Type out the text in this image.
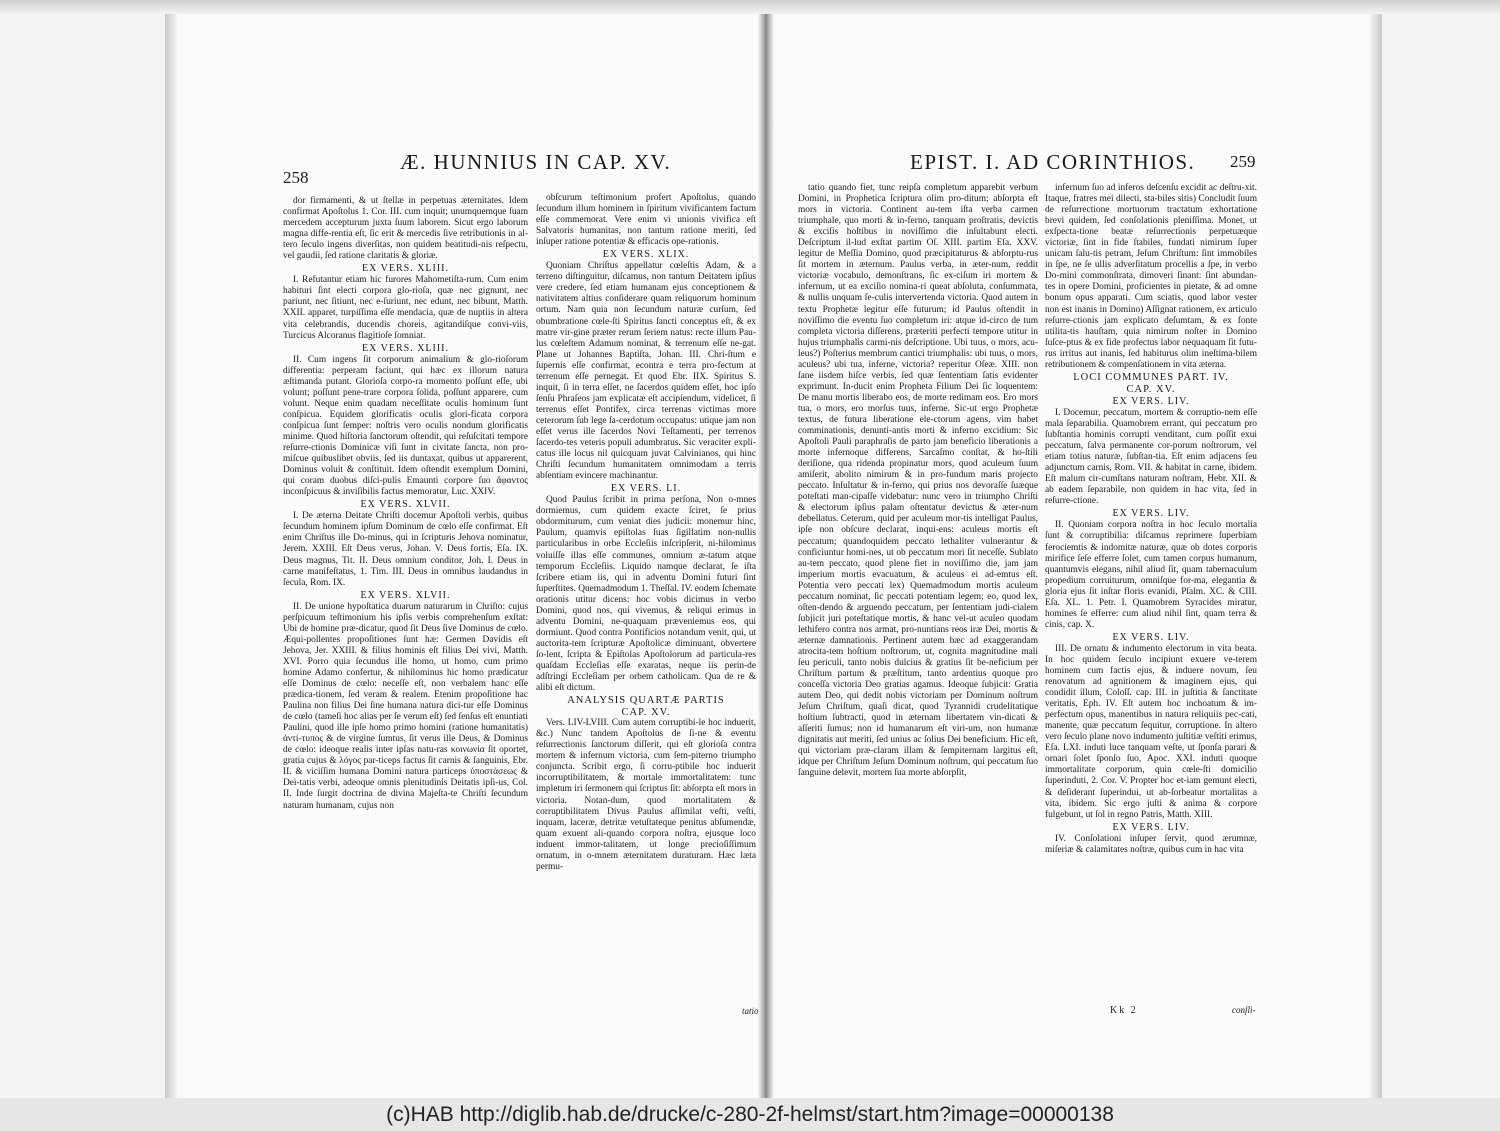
258
Æ. HUNNIUS IN CAP. XV.	EPIST. I. AD CORINTHIOS. 259

dor firmamenti, & ut ſtellæ in perpetuas æternitates. Idem confirmat Apoſtolus 1. Cor. III. cum inquit; unumquemque ſuam mercedem accepturum juxta ſuum laborem. Sicut ergo laborum magna diffe-rentia eſt, ſic erit & mercedis ſive retributionis in al-tero ſeculo ingens diverſitas, non quidem beatitudi-nis reſpectu, vel gaudii, ſed ratione claritatis & gloriæ.

EX VERS. XLIII.

I. Refutantur etiam hic furores Mahometiſta-rum. Cum enim habituri ſint electi corpora glo-rioſa, quæ nec gignunt, nec pariunt, nec ſitiunt, nec e-ſuriunt, nec edunt, nec bibunt, Matth. XXII. apparet, turpiſſima eſſe mendacia, quæ de nuptiis in altera vita celebrandis, ducendis choreis, agitandiſque convi-viis, Turcicus Alcoranus flagitioſe ſomniat.

EX VERS. XLIII.

II. Cum ingens ſit corporum animalium & glo-rioſorum differentia: perperam faciunt, qui hæc ex illorum natura æſtimanda putant. Glorioſa corpo-ra momento poſſunt eſſe, ubi volunt; poſſunt pene-trare corpora ſolida, poſſunt apparere, cum volunt. Neque enim quadam neceſſitate oculis hominum ſunt conſpicua. Equidem glorificatis oculis glori-ficata corpora conſpicua ſunt ſemper: noſtris vero oculis nondum glorificatis minime. Quod hiſtoria ſanctorum oſtendit, qui reſuſcitati tempore reſurre-ctionis Dominicæ viſi ſunt in civitate ſancta, non pro-miſcue quibuslibet obviis, ſed iis duntaxat, quibus ut apparerent, Dominus voluit & conſtituit. Idem oſtendit exemplum Domini, qui coram duobus diſci-pulis Emaunti corpore ſuo ἄφαντος inconſpicuus & inviſibilis factus memoratur, Luc. XXIV.

EX VERS. XLVII.

I. De æterna Deitate Chriſti docemur Apoſtoli verbis, quibus ſecundum hominem ipſum Dominum de cœlo eſſe confirmat. Eſt enim Chriſtus ille Do-minus, qui in ſcripturis Jehova nominatur, Jerem. XXIII. Eſt Deus verus, Johan. V. Deus fortis, Eſa. IX. Deus magnus, Tit. II. Deus omnium conditor, Joh. I. Deus in carne manifeſtatus, 1. Tim. III. Deus in omnibus laudandus in ſecula, Rom. IX.

EX VERS. XLVII.

II. De unione hypoſtatica duarum naturarum in Chriſto: cujus perſpicuum teſtimonium his ipſis verbis comprehenſum exſtat: Ubi de homine præ-dicatur, quod ſit Deus ſive Dominus de cœlo. Æqui-pollentes propoſitiones ſunt hæ: Germen Davidis eſt Jehova, Jer. XXIII. & filius hominis eſt filius Dei vivi, Matth. XVI. Porro quia ſecundus ille homo, ut homo, cum primo homine Adamo confertur, & nihilominus hic homo prædicatur eſſe Dominus de cœlo: neceſſe eſt, non verbalem hanc eſſe prædica-tionem, ſed veram & realem. Etenim propoſitione hac Paulina non filius Dei ſine humana natura dici-tur eſſe Dominus de cœlo (tameſi hoc alias per ſe verum eſt) ſed ſenſus eſt enuntiati Paulini, quod ille ipſe homo primo homini (ratione humanitatis) ἀντί-τυπος & de virgine ſumtus, ſit verus ille Deus, & Dominus de cœlo: ideoque realis inter ipſas natu-ras κοινωνία ſit oportet, gratia cujus & λόγος par-ticeps factus ſit carnis & ſanguinis, Ebr. II. & viciſſim humana Domini natura particeps ὑποστάσεως & Dei-tatis verbi, adeoque omnis plenitudinis Deitatis ipſi-us, Col. II. Inde ſurgit doctrina de divina Majeſta-te Chriſti ſecundum naturam humanam, cujus non

obſcurum teſtimonium profert Apoſtolus, quando ſecundum illum hominem in ſpiritum vivificantem factum eſſe commemorat. Vere enim vi unionis vivifica eſt Salvatoris humanitas, non tantum ratione meriti, ſed inſuper ratione potentiæ & efficacis ope-rationis.

EX VERS. XLIX.

Quoniam Chriſtus appellatur cœleſtis Adam, & a terreno diſtinguitur, diſcamus, non tantum Deitatem ipſius vere credere, ſed etiam humanam ejus conceptionem & nativitatem altius conſiderare quam reliquorum hominum ortum. Nam quia non ſecundum naturæ curſum, ſed obumbratione cœle-ſti Spiritus ſancti conceptus eſt, & ex matre vir-gine præter rerum ſeriem natus: recte illum Pau-lus cœleſtem Adamum nominat, & terrenum eſſe ne-gat. Plane ut Johannes Baptiſta, Johan. III. Chri-ſtum e ſupernis eſſe confirmat, econtra e terra pro-fectum at terrenum eſſe pernegat. Et quod Ebr. IIX. Spiritus S. inquit, ſi in terra eſſet, ne ſacerdos quidem eſſet, hoc ipſo ſenſu Phraſeos jam explicatæ eſt accipiendum, videlicet, ſi terrenus eſſet Pontifex, circa terrenas victimas more ceterorum ſub lege ſa-cerdotum occupatus: utique jam non eſſet verus ille ſacerdos Novi Teſtamenti, per terrenos ſacerdo-tes veteris populi adumbratus. Sic veraciter expli-catus ille locus nil quicquam juvat Calvinianos, qui hinc Chriſti ſecundum humanitatem omnimodam a terris abſentiam evincere machinantur.

EX VERS. LI.

Quod Paulus ſcribit in prima perſona, Non o-mnes dormiemus, cum quidem exacte ſciret, ſe prius obdormiturum, cum veniat dies judicii: monemur hinc, Paulum, quamvis epiſtolas ſuas ſigillatim non-nullis particularibus in orbe Eccleſiis inſcripſerit, ni-hilominus voluiſſe illas eſſe communes, omnium æ-tatum atque temporum Eccleſiis. Liquido namque declarat, ſe iſta ſcribere etiam iis, qui in adventu Domini futuri ſint ſuperſtites. Quemadmodum 1. Theſſal. IV. eodem ſchemate orationis utitur dicens: hoc vobis dicimus in verbo Domini, quod nos, qui vivemus, & reliqui erimus in adventu Domini, ne-quaquam præveniemus eos, qui dormiunt. Quod contra Pontificios notandum venit, qui, ut auctorita-tem ſcripturæ Apoſtolicæ diminuant, obvertere ſo-lent, ſcripta & Epiſtolas Apoſtolorum ad particula-res quaſdam Eccleſias eſſe exaratas, neque iis perin-de adſtringi Eccleſiam per orbem catholicam. Qua de re & alibi eſt dictum.

ANALYSIS QUARTÆ PARTIS
CAP. XV.

Vers. LIV-LVIII. Cum autem corruptibi-le hoc induerit, &c.) Nunc tandem Apoſtolus de ſi-ne & eventu reſurrectionis ſanctorum diſſerit, qui eſt glorioſa contra mortem & infernum victoria, cum ſem-piterno triumpho conjuncta. Scribit ergo, ſi corru-ptibile hoc induerit incorruptibilitatem, & mortale immortalitatem: tunc impletum iri ſermonem qui ſcriptus ſit: abſorpta eſt mors in victoria. Notan-dum, quod mortalitatem & corruptibilitatem Divus Paulus aſſimilat veſti, veſti, inquam, laceræ, detritæ vetuſtateque penitus abſumendæ, quam exuent ali-quando corpora noſtra, ejusque loco induent immor-talitatem, ut longe precioſiſſimum ornatum, in o-mnem æternitatem duraturam. Hæc læta permu-

tatio

tatio quando fiet, tunc reipſa completum apparebit verbum Domini, in Prophetica ſcriptura olim pro-ditum; abſorpta eſt mors in victoria. Continent au-tem iſta verba carmen triumphale, quo morti & in-ferno, tanquam proſtratis, devictis & exciſis hoſtibus in noviſſimo die inſultabunt electi. Deſcriptum il-lud exſtat partim Oſ. XIII. partim Eſa. XXV. legitur de Meſſia Domino, quod præcipitaturus & abſorptu-rus ſit mortem in æternum. Paulus verba, in æter-num, reddit victoriæ vocabulo, demonſtrans, ſic ex-ciſum iri mortem & infernum, ut ea exciſio nomina-ri queat abſoluta, conſummata, & nullis unquam ſe-culis intervertenda victoria. Quod autem in textu Prophetæ legitur eſſe futurum; id Paulus oſtendit in noviſſimo die eventu ſuo completum iri: atque id-circo de tum completa victoria diſſerens, præteriti perfecti tempore utitur in hujus triumphalis carmi-nis deſcriptione. Ubi tuus, o mors, acu-leus?) Poſterius membrum cantici triumphalis: ubi tuus, o mors, aculeus? ubi tua, inferne, victoria? reperitur Oſeæ. XIII. non ſane iisdem hiſce verbis, ſed quæ ſententiam ſatis evidenter exprimunt. In-ducit enim Propheta Filium Dei ſic loquentem: De manu mortis liberabo eos, de morte redimam eos. Ero mors tua, o mors, ero morſus tuus, inferne. Sic-ut ergo Prophetæ textus, de futura liberatione ele-ctorum agens, vim habet comminationis, denunti-antis morti & inferno excidium: Sic Apoſtoli Pauli paraphraſis de parto jam beneficio liberationis a morte infernoque differens, Sarcaſmo conſtat, & ho-ſtili deriſione, qua ridenda propinatur mors, quod aculeum ſuum amiſerit, abolito nimirum & in pro-fundum maris projecto peccato. Inſultatur & in-ferno, qui prius nos devoraſſe ſuæque poteſtati man-cipaſſe videbatur: nunc vero in triumpho Chriſti & electorum ipſius palam oſtentatur devictus & æter-num debellatus. Ceterum, quid per aculeum mor-tis intelligat Paulus, ipſe non obſcure declarat, inqui-ens: aculeus mortis eſt peccatum; quandoquidem peccato lethaliter vulnerantur & conficiuntur homi-nes, ut ob peccatum mori ſit neceſſe. Sublato au-tem peccato, quod plene fiet in noviſſimo die, jam jam imperium mortis evacuatum, & aculeus ei ad-emtus eſt. Potentia vero peccati lex) Quemadmodum mortis aculeum peccatum nominat, ſic peccati potentiam legem; eo, quod lex, oſten-dendo & arguendo peccatum, per ſententiam judi-cialem ſubjicit juri poteſtatique mortis, & hanc vel-ut aculeo quodam lethifero contra nos armat, pro-nuntians reos iræ Dei, mortis & æternæ damnationis. Pertinent autem hæc ad exaggerandam atrocita-tem hoſtium noſtrorum, ut, cognita magnitudine mali ſeu periculi, tanto nobis dulcius & gratius ſit be-neficium per Chriſtum partum & præſtitum, tanto ardentius quoque pro conceſſa victoria Deo gratias agamus. Ideoque ſubjicit: Gratia autem Deo, qui dedit nobis victoriam per Dominum noſtrum Jeſum Chriſtum, quaſi dicat, quod Tyrannidi crudelitatique hoſtium ſubtracti, quod in æternam libertatem vin-dicati & aſſeriti ſumus; non id humanarum eſt viri-um, non humanæ dignitatis aut meriti, ſed unius ac ſolius Dei beneficium. Hic eſt, qui victoriam præ-claram illam & ſempiternam largitus eſt, idque per Chriſtum Jeſum Dominum noſtrum, qui peccatum ſuo ſanguine delevit, mortem ſua morte abſorpſit,

infernum ſuo ad inferos deſcenſu excidit ac deſtru-xit. Itaque, fratres mei dilecti, sta-biles sitis) Concludit ſuum de reſurrectione mortuorum tractatum exhortatione brevi quidem, ſed conſolationis pleniſſima. Monet, ut exſpecta-tione beatæ reſurrectionis perpetuæque victoriæ, ſint in fide ſtabiles, fundati nimirum ſuper unicam ſalu-tis petram, Jeſum Chriſtum: ſint immobiles in ſpe, ne ſe ullis adverſitatum procellis a ſpe, in verbo Do-mini commonſtrata, dimoveri ſinant: ſint abundan-tes in opere Domini, proficientes in pietate, & ad omne bonum opus apparati. Cum sciatis, quod labor vester non est inanis in Domino) Aſſignat rationem, ex articulo reſurre-ctionis jam explicato deſumtam, & ex fonte utilita-tis hauſtam, quia nimirum noſter in Domino ſuſce-ptus & ex fide profectus labor nequaquam ſit futu-rus irritus aut inanis, ſed habiturus olim ineſtima-bilem retributionem & compenſationem in vita æterna.

LOCI COMMUNES PART. IV.
CAP. XV.
EX VERS. LIV.

I. Docemur, peccatum, mortem & corruptio-nem eſſe mala ſeparabilia. Quamobrem errant, qui peccatum pro ſubſtantia hominis corrupti venditant, cum poſſit exui peccatum, ſalva permanente cor-porum noſtrorum, vel etiam totius naturæ, ſubſtan-tia. Eſt enim adjacens ſeu adjunctum carnis, Rom. VII. & habitat in carne, ibidem. Eſt malum cir-cumſtans naturam noſtram, Hebr. XII. & ab eadem ſeparabile, non quidem in hac vita, ſed in reſurre-ctione.

EX VERS. LIV.

II. Quoniam corpora noſtra in hoc ſeculo mortalia ſunt & corruptibilia: diſcamus reprimere ſuperbiam ferociemtis & indomitæ naturæ, quæ ob dotes corporis mirifice ſeſe efferre ſolet, cum tamen corpus humanum, quantumvis elegans, nihil aliud ſit, quam tabernaculum propedium corruiturum, omniſque for-ma, elegantia & gloria ejus ſit inſtar floris evanidi, Pſalm. XC. & CIII. Eſa. XL. 1. Petr. I. Quamobrem Syracides miratur, homines ſe efferre: cum aliud nihil ſint, quam terra & cinis, cap. X.

EX VERS. LIV.

III. De ornatu & indumento electorum in vita beata. In hoc quidem ſeculo incipiunt exuere ve-terem hominem cum factis ejus, & induere novum, ſeu renovatum ad agnitionem & imaginem ejus, qui condidit illum, Coloſſ. cap. III. in juſtitia & ſanctitate veritatis, Eph. IV. Eſt autem hoc inchoatum & im-perfectum opus, manentibus in natura reliquiis pec-cati, manente, quæ peccatum ſequitur, corruptione. In altero vero ſeculo plane novo indumento juſtitiæ veſtiti erimus, Eſa. LXI. induti luce tanquam veſte, ut ſponſa parari & ornari ſolet ſponſo ſuo, Apoc. XXI. induti quoque immortalitate corporum, quin cœle-ſti domicilio ſuperinduti, 2. Cor. V. Propter hoc et-iam gemunt electi, & deſiderant ſuperindui, ut ab-ſorbeatur mortalitas a vita, ibidem. Sic ergo juſti & anima & corpore fulgebunt, ut ſol in regno Patris, Matth. XIII.

EX VERS. LIV.

IV. Conſolationi inſuper ſervit, quod ærumnæ, miſeriæ & calamitates noſtræ, quibus cum in hac vita

Kk 2	conſli-
(c)HAB http://diglib.hab.de/drucke/c-280-2f-helmst/start.htm?image=00000138
